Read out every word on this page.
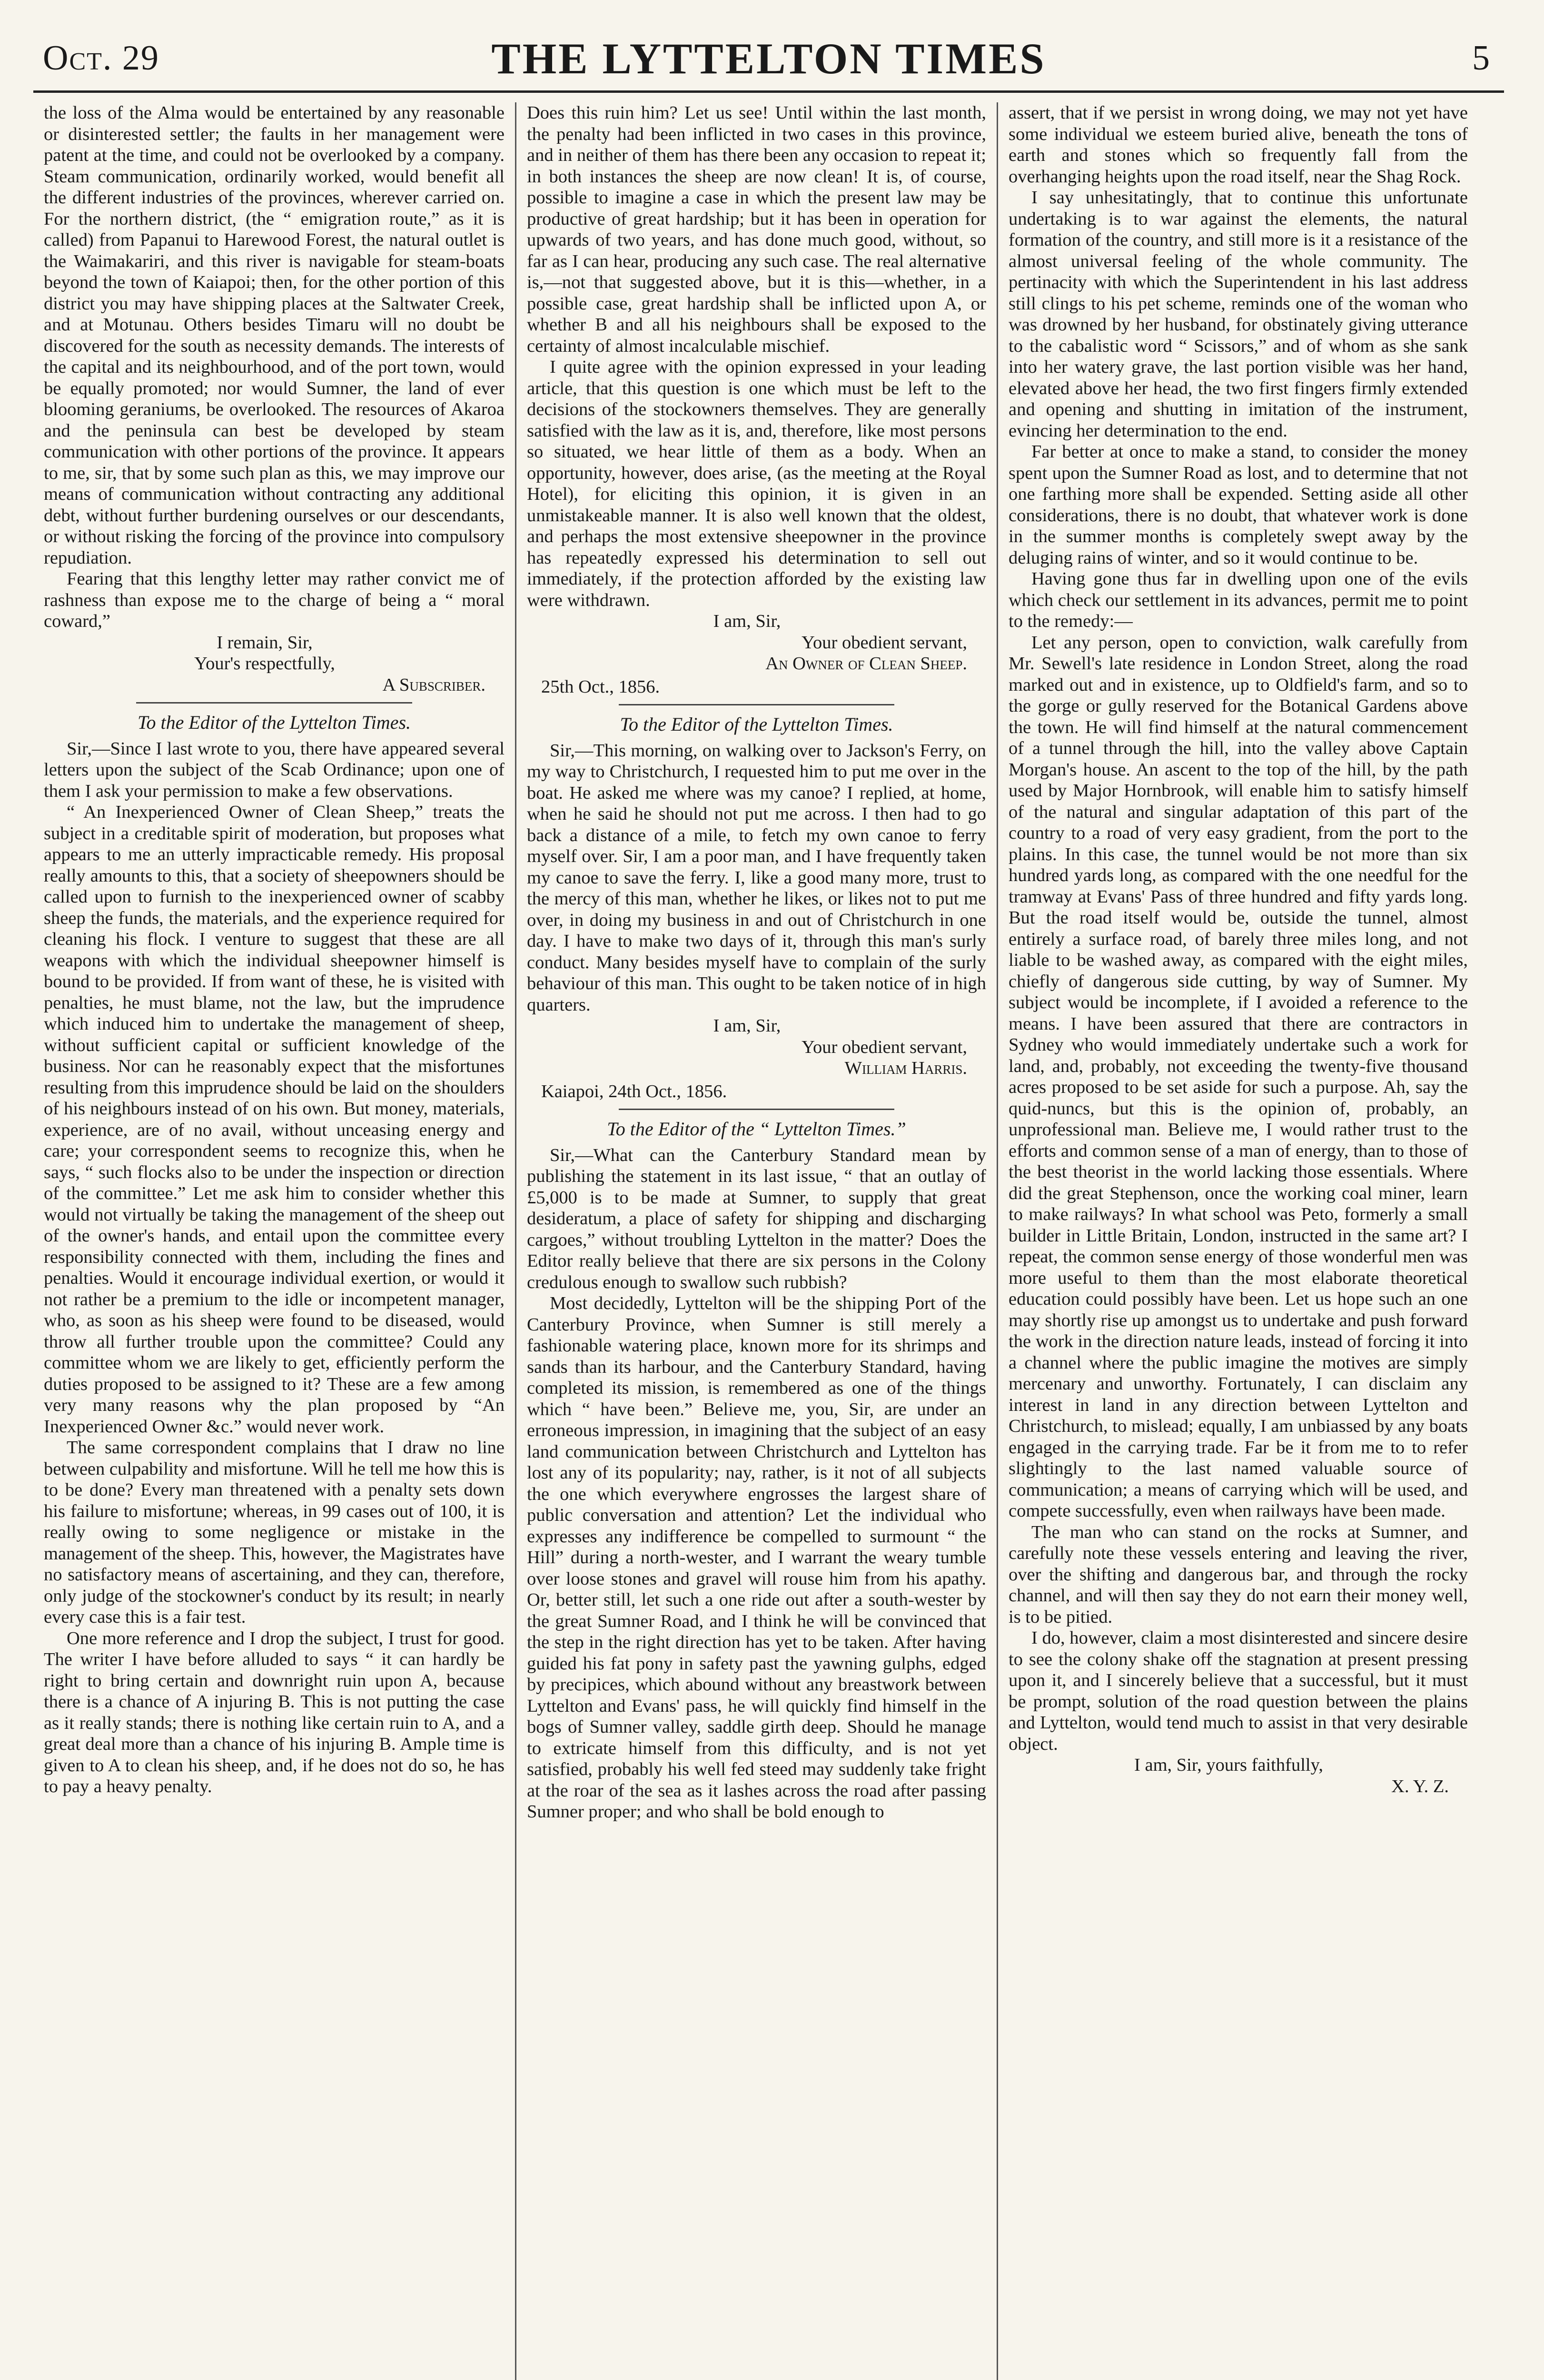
Oct. 29	THE LYTTELTON TIMES	5

the loss of the Alma would be entertained by any reasonable or disinterested settler; the faults in her management were patent at the time, and could not be overlooked by a company. Steam communication, ordinarily worked, would benefit all the different industries of the provinces, wherever carried on. For the northern district, (the “ emigration route,” as it is called) from Papanui to Harewood Forest, the natural outlet is the Waimakariri, and this river is navigable for steam-boats beyond the town of Kaiapoi; then, for the other portion of this district you may have shipping places at the Saltwater Creek, and at Motunau. Others besides Timaru will no doubt be discovered for the south as necessity demands. The interests of the capital and its neighbourhood, and of the port town, would be equally promoted; nor would Sumner, the land of ever blooming geraniums, be overlooked. The resources of Akaroa and the peninsula can best be developed by steam communication with other portions of the province. It appears to me, sir, that by some such plan as this, we may improve our means of communication without contracting any additional debt, without further burdening ourselves or our descendants, or without risking the forcing of the province into compulsory repudiation.

Fearing that this lengthy letter may rather convict me of rashness than expose me to the charge of being a “ moral coward,”

I remain, Sir,
Your's respectfully,
A Subscriber.
To the Editor of the Lyttelton Times.

Sir,—Since I last wrote to you, there have appeared several letters upon the subject of the Scab Ordinance; upon one of them I ask your permission to make a few observations.

“ An Inexperienced Owner of Clean Sheep,” treats the subject in a creditable spirit of moderation, but proposes what appears to me an utterly impracticable remedy. His proposal really amounts to this, that a society of sheepowners should be called upon to furnish to the inexperienced owner of scabby sheep the funds, the materials, and the experience required for cleaning his flock. I venture to suggest that these are all weapons with which the individual sheepowner himself is bound to be provided. If from want of these, he is visited with penalties, he must blame, not the law, but the imprudence which induced him to undertake the management of sheep, without sufficient capital or sufficient knowledge of the business. Nor can he reasonably expect that the misfortunes resulting from this imprudence should be laid on the shoulders of his neighbours instead of on his own. But money, materials, experience, are of no avail, without unceasing energy and care; your correspondent seems to recognize this, when he says, “ such flocks also to be under the inspection or direction of the committee.” Let me ask him to consider whether this would not virtually be taking the management of the sheep out of the owner's hands, and entail upon the committee every responsibility connected with them, including the fines and penalties. Would it encourage individual exertion, or would it not rather be a premium to the idle or incompetent manager, who, as soon as his sheep were found to be diseased, would throw all further trouble upon the committee? Could any committee whom we are likely to get, efficiently perform the duties proposed to be assigned to it? These are a few among very many reasons why the plan proposed by “An Inexperienced Owner &c.” would never work.

The same correspondent complains that I draw no line between culpability and misfortune. Will he tell me how this is to be done? Every man threatened with a penalty sets down his failure to misfortune; whereas, in 99 cases out of 100, it is really owing to some negligence or mistake in the management of the sheep. This, however, the Magistrates have no satisfactory means of ascertaining, and they can, therefore, only judge of the stockowner's conduct by its result; in nearly every case this is a fair test.

One more reference and I drop the subject, I trust for good. The writer I have before alluded to says “ it can hardly be right to bring certain and downright ruin upon A, because there is a chance of A injuring B. This is not putting the case as it really stands; there is nothing like certain ruin to A, and a great deal more than a chance of his injuring B. Ample time is given to A to clean his sheep, and, if he does not do so, he has to pay a heavy penalty.

Does this ruin him? Let us see! Until within the last month, the penalty had been inflicted in two cases in this province, and in neither of them has there been any occasion to repeat it; in both instances the sheep are now clean! It is, of course, possible to imagine a case in which the present law may be productive of great hardship; but it has been in operation for upwards of two years, and has done much good, without, so far as I can hear, producing any such case. The real alternative is,—not that suggested above, but it is this—whether, in a possible case, great hardship shall be inflicted upon A, or whether B and all his neighbours shall be exposed to the certainty of almost incalculable mischief.

I quite agree with the opinion expressed in your leading article, that this question is one which must be left to the decisions of the stockowners themselves. They are generally satisfied with the law as it is, and, therefore, like most persons so situated, we hear little of them as a body. When an opportunity, however, does arise, (as the meeting at the Royal Hotel), for eliciting this opinion, it is given in an unmistakeable manner. It is also well known that the oldest, and perhaps the most extensive sheepowner in the province has repeatedly expressed his determination to sell out immediately, if the protection afforded by the existing law were withdrawn.

I am, Sir,
Your obedient servant,
An Owner of Clean Sheep.
25th Oct., 1856.
To the Editor of the Lyttelton Times.

Sir,—This morning, on walking over to Jackson's Ferry, on my way to Christchurch, I requested him to put me over in the boat. He asked me where was my canoe? I replied, at home, when he said he should not put me across. I then had to go back a distance of a mile, to fetch my own canoe to ferry myself over. Sir, I am a poor man, and I have frequently taken my canoe to save the ferry. I, like a good many more, trust to the mercy of this man, whether he likes, or likes not to put me over, in doing my business in and out of Christchurch in one day. I have to make two days of it, through this man's surly conduct. Many besides myself have to complain of the surly behaviour of this man. This ought to be taken notice of in high quarters.

I am, Sir,
Your obedient servant,
William Harris.
Kaiapoi, 24th Oct., 1856.
To the Editor of the “ Lyttelton Times.”

Sir,—What can the Canterbury Standard mean by publishing the statement in its last issue, “ that an outlay of £5,000 is to be made at Sumner, to supply that great desideratum, a place of safety for shipping and discharging cargoes,” without troubling Lyttelton in the matter? Does the Editor really believe that there are six persons in the Colony credulous enough to swallow such rubbish?

Most decidedly, Lyttelton will be the shipping Port of the Canterbury Province, when Sumner is still merely a fashionable watering place, known more for its shrimps and sands than its harbour, and the Canterbury Standard, having completed its mission, is remembered as one of the things which “ have been.” Believe me, you, Sir, are under an erroneous impression, in imagining that the subject of an easy land communication between Christchurch and Lyttelton has lost any of its popularity; nay, rather, is it not of all subjects the one which everywhere engrosses the largest share of public conversation and attention? Let the individual who expresses any indifference be compelled to surmount “ the Hill” during a north-wester, and I warrant the weary tumble over loose stones and gravel will rouse him from his apathy. Or, better still, let such a one ride out after a south-wester by the great Sumner Road, and I think he will be convinced that the step in the right direction has yet to be taken. After having guided his fat pony in safety past the yawning gulphs, edged by precipices, which abound without any breastwork between Lyttelton and Evans' pass, he will quickly find himself in the bogs of Sumner valley, saddle girth deep. Should he manage to extricate himself from this difficulty, and is not yet satisfied, probably his well fed steed may suddenly take fright at the roar of the sea as it lashes across the road after passing Sumner proper; and who shall be bold enough to

assert, that if we persist in wrong doing, we may not yet have some individual we esteem buried alive, beneath the tons of earth and stones which so frequently fall from the overhanging heights upon the road itself, near the Shag Rock.

I say unhesitatingly, that to continue this unfortunate undertaking is to war against the elements, the natural formation of the country, and still more is it a resistance of the almost universal feeling of the whole community. The pertinacity with which the Superintendent in his last address still clings to his pet scheme, reminds one of the woman who was drowned by her husband, for obstinately giving utterance to the cabalistic word “ Scissors,” and of whom as she sank into her watery grave, the last portion visible was her hand, elevated above her head, the two first fingers firmly extended and opening and shutting in imitation of the instrument, evincing her determination to the end.

Far better at once to make a stand, to consider the money spent upon the Sumner Road as lost, and to determine that not one farthing more shall be expended. Setting aside all other considerations, there is no doubt, that whatever work is done in the summer months is completely swept away by the deluging rains of winter, and so it would continue to be.

Having gone thus far in dwelling upon one of the evils which check our settlement in its advances, permit me to point to the remedy:—

Let any person, open to conviction, walk carefully from Mr. Sewell's late residence in London Street, along the road marked out and in existence, up to Oldfield's farm, and so to the gorge or gully reserved for the Botanical Gardens above the town. He will find himself at the natural commencement of a tunnel through the hill, into the valley above Captain Morgan's house. An ascent to the top of the hill, by the path used by Major Hornbrook, will enable him to satisfy himself of the natural and singular adaptation of this part of the country to a road of very easy gradient, from the port to the plains. In this case, the tunnel would be not more than six hundred yards long, as compared with the one needful for the tramway at Evans' Pass of three hundred and fifty yards long. But the road itself would be, outside the tunnel, almost entirely a surface road, of barely three miles long, and not liable to be washed away, as compared with the eight miles, chiefly of dangerous side cutting, by way of Sumner. My subject would be incomplete, if I avoided a reference to the means. I have been assured that there are contractors in Sydney who would immediately undertake such a work for land, and, probably, not exceeding the twenty-five thousand acres proposed to be set aside for such a purpose. Ah, say the quid-nuncs, but this is the opinion of, probably, an unprofessional man. Believe me, I would rather trust to the efforts and common sense of a man of energy, than to those of the best theorist in the world lacking those essentials. Where did the great Stephenson, once the working coal miner, learn to make railways? In what school was Peto, formerly a small builder in Little Britain, London, instructed in the same art? I repeat, the common sense energy of those wonderful men was more useful to them than the most elaborate theoretical education could possibly have been. Let us hope such an one may shortly rise up amongst us to undertake and push forward the work in the direction nature leads, instead of forcing it into a channel where the public imagine the motives are simply mercenary and unworthy. Fortunately, I can disclaim any interest in land in any direction between Lyttelton and Christchurch, to mislead; equally, I am unbiassed by any boats engaged in the carrying trade. Far be it from me to to refer slightingly to the last named valuable source of communication; a means of carrying which will be used, and compete successfully, even when railways have been made.

The man who can stand on the rocks at Sumner, and carefully note these vessels entering and leaving the river, over the shifting and dangerous bar, and through the rocky channel, and will then say they do not earn their money well, is to be pitied.

I do, however, claim a most disinterested and sincere desire to see the colony shake off the stagnation at present pressing upon it, and I sincerely believe that a successful, but it must be prompt, solution of the road question between the plains and Lyttelton, would tend much to assist in that very desirable object.

I am, Sir, yours faithfully,
X. Y. Z.
